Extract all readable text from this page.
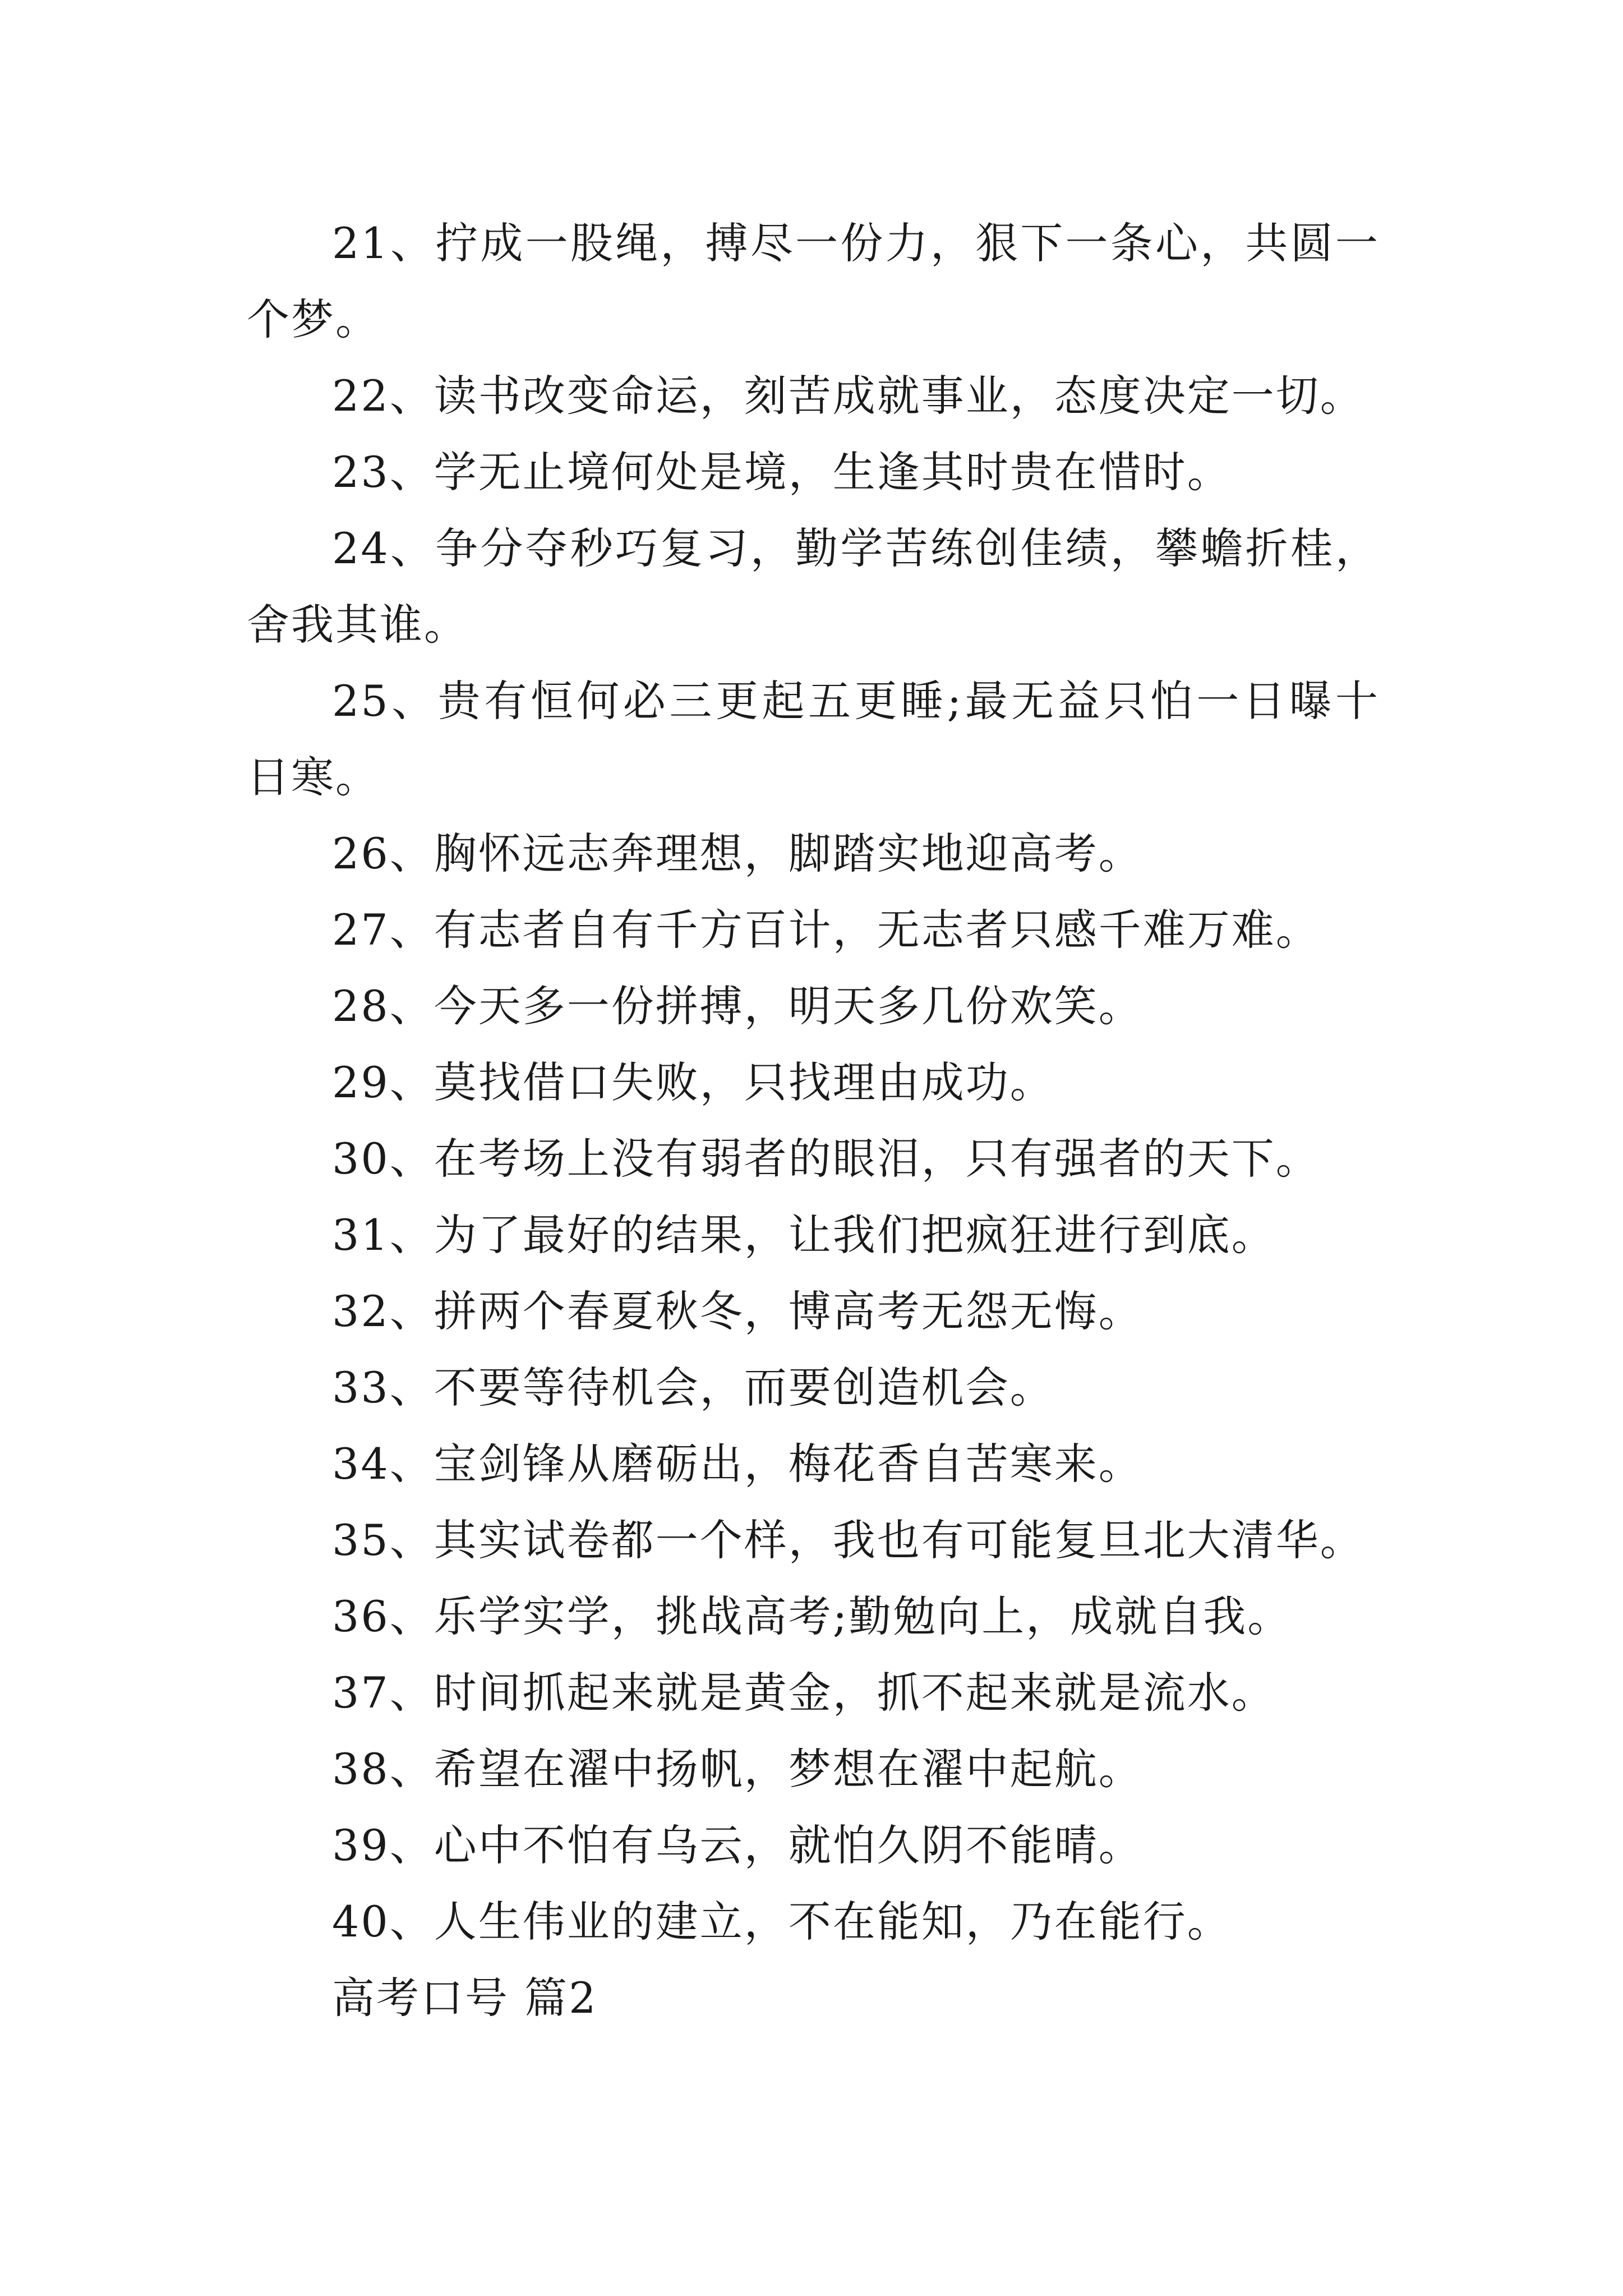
21、拧成一股绳，搏尽一份力，狠下一条心，共圆一个梦。

22、读书改变命运，刻苦成就事业，态度决定一切。

23、学无止境何处是境，生逢其时贵在惜时。

24、争分夺秒巧复习，勤学苦练创佳绩，攀蟾折桂，舍我其谁。

25、贵有恒何必三更起五更睡;最无益只怕一日曝十日寒。

26、胸怀远志奔理想，脚踏实地迎高考。

27、有志者自有千方百计，无志者只感千难万难。

28、今天多一份拼搏，明天多几份欢笑。

29、莫找借口失败，只找理由成功。

30、在考场上没有弱者的眼泪，只有强者的天下。

31、为了最好的结果，让我们把疯狂进行到底。

32、拼两个春夏秋冬，博高考无怨无悔。

33、不要等待机会，而要创造机会。

34、宝剑锋从磨砺出，梅花香自苦寒来。

35、其实试卷都一个样，我也有可能复旦北大清华。

36、乐学实学，挑战高考;勤勉向上，成就自我。

37、时间抓起来就是黄金，抓不起来就是流水。

38、希望在濯中扬帆，梦想在濯中起航。

39、心中不怕有乌云，就怕久阴不能晴。

40、人生伟业的建立，不在能知，乃在能行。

高考口号 篇2
